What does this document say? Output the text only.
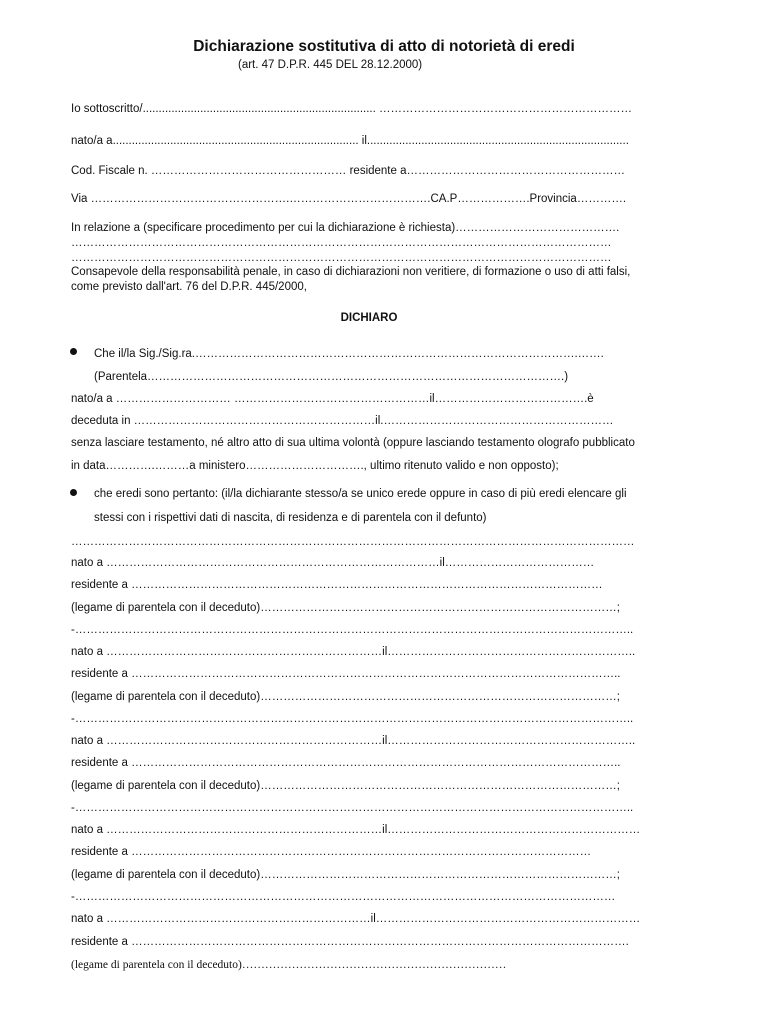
Dichiarazione sostitutiva di atto di notorietà di eredi
(art. 47 D.P.R. 445 DEL 28.12.2000)
Io sottoscritto/......................................................................... …………………………………………………………
nato/a a............................................................................. il..................................................................................
Cod. Fiscale n. …………………………………………… residente a…………………………………………………
Via …………………………………………….……………………………….CA.P……………….Provincia………….
In relazione a (specificare procedimento per cui la dichiarazione è richiesta)…………………………………….
……………………………………………………………………………………………………………………………
……………………………………………………………………………………………………………………………
Consapevole della responsabilità penale, in caso di dichiarazioni non veritiere, di formazione o uso di atti falsi,
come previsto dall'art. 76 del D.P.R. 445/2000,
DICHIARO
Che il/la Sig./Sig.ra.……………………………………………………………………………………….…….
(Parentela……………………………………………………………………………………………….)
nato/a a ………………………… ……………………………………………il………………………………….è
deceduta in ………………………………………………………il.……………………………………………………
senza lasciare testamento, né altro atto di sua ultima volontà (oppure lasciando testamento olografo pubblicato
in data………….………a ministero…………………………., ultimo ritenuto valido e non opposto);
che eredi sono pertanto: (il/la dichiarante stesso/a se unico erede oppure in caso di più eredi elencare gli
stessi con i rispettivi dati di nascita, di residenza e di parentela con il defunto)
…………………………………………………………………………………………………………………………………
nato a ……………………………………………………………………………il…………………………………
residente a ……………………………………………………………………………………………………………
(legame di parentela con il deceduto)…………………………………………………………………………………;
-………………………………………………………………………………………………………………………………..
nato a ………………………………………………………………il………………………………………………………..
residente a ………………………………………………………………………………………………………………..
(legame di parentela con il deceduto)…………………………………………………………………………………;
-………………………………………………………………………………………………………………………………..
nato a ………………………………………………………………il………………………………………………………..
residente a ………………………………………………………………………………………………………………..
(legame di parentela con il deceduto)…………………………………………………………………………………;
-………………………………………………………………………………………………………………………………..
nato a ………………………………………………………………il…………………………………………………………
residente a …………………………………………………………………………………………………………
(legame di parentela con il deceduto)…………………………………………………………………………………;
-……………………………………………………………………………………………………………………………
nato a ……………………………………………………………il……………………………………………………………
residente a ………………………………………………………………………………………………………………….
(legame di parentela con il deceduto)……………………………………………………………
